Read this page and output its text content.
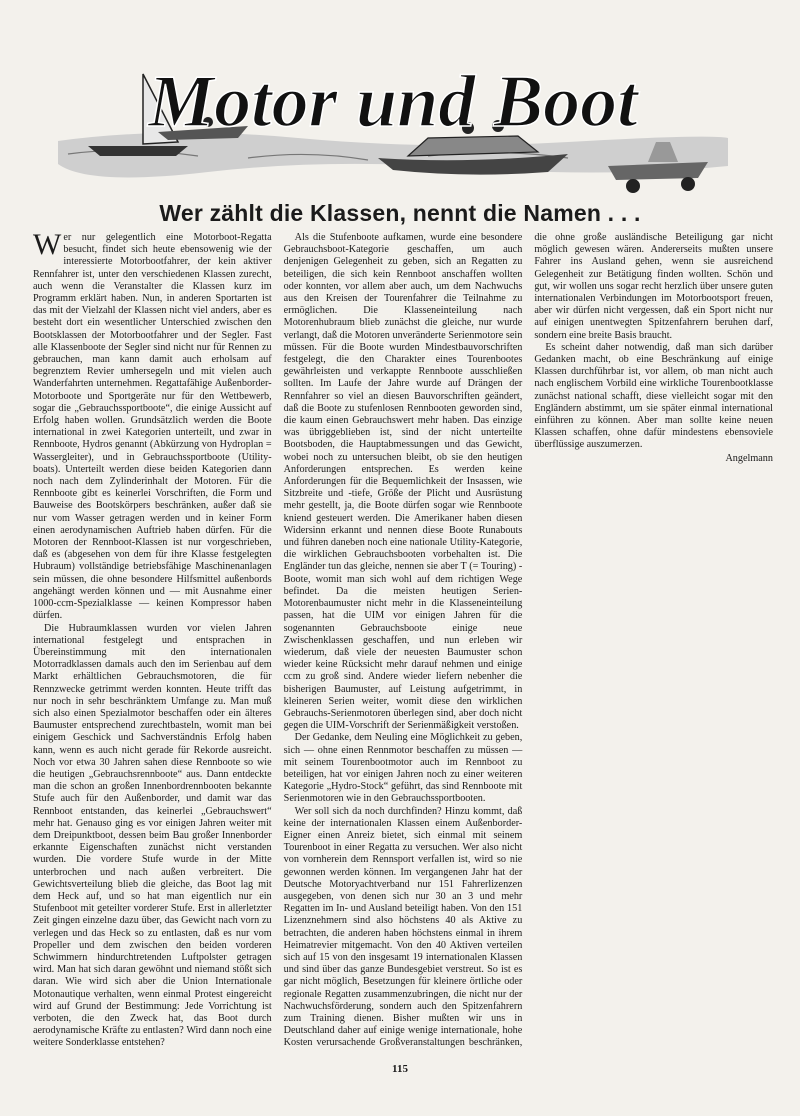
Motor und Boot
Wer zählt die Klassen, nennt die Namen . . .

Wer nur gelegentlich eine Motorboot-Regatta besucht, findet sich heute ebensowenig wie der interessierte Motorbootfahrer, der kein aktiver Rennfahrer ist, unter den verschiedenen Klassen zurecht, auch wenn die Veranstalter die Klassen kurz im Programm erklärt haben. Nun, in anderen Sportarten ist das mit der Vielzahl der Klassen nicht viel anders, aber es besteht dort ein wesentlicher Unterschied zwischen den Bootsklassen der Motorbootfahrer und der Segler. Fast alle Klassenboote der Segler sind nicht nur für Rennen zu gebrauchen, man kann damit auch erholsam auf begrenztem Revier umhersegeln und mit vielen auch Wanderfahrten unternehmen. Regattafähige Außenborder-Motorboote und Sportgeräte nur für den Wettbewerb, sogar die „Gebrauchssportboote“, die einige Aussicht auf Erfolg haben wollen. Grundsätzlich werden die Boote international in zwei Kategorien unterteilt, und zwar in Rennboote, Hydros genannt (Abkürzung von Hydroplan = Wassergleiter), und in Gebrauchssportboote (Utility-boats). Unterteilt werden diese beiden Kategorien dann noch nach dem Zylinderinhalt der Motoren. Für die Rennboote gibt es keinerlei Vorschriften, die Form und Bauweise des Bootskörpers beschränken, außer daß sie nur vom Wasser getragen werden und in keiner Form einen aerodynamischen Auftrieb haben dürfen. Für die Motoren der Rennboot-Klassen ist nur vorgeschrieben, daß es (abgesehen von dem für ihre Klasse festgelegten Hubraum) vollständige betriebsfähige Maschinenanlagen sein müssen, die ohne besondere Hilfsmittel außenbords angehängt werden können und — mit Ausnahme einer 1000-ccm-Spezialklasse — keinen Kompressor haben dürfen.

Die Hubraumklassen wurden vor vielen Jahren international festgelegt und entsprachen in Übereinstimmung mit den internationalen Motorradklassen damals auch den im Serienbau auf dem Markt erhältlichen Gebrauchsmotoren, die für Rennzwecke getrimmt werden konnten. Heute trifft das nur noch in sehr beschränktem Umfange zu. Man muß sich also einen Spezialmotor beschaffen oder ein älteres Baumuster entsprechend zurechtbasteln, womit man bei einigem Geschick und Sachverständnis Erfolg haben kann, wenn es auch nicht gerade für Rekorde ausreicht. Noch vor etwa 30 Jahren sahen diese Rennboote so wie die heutigen „Gebrauchsrennboote“ aus. Dann entdeckte man die schon an großen Innenbordrennbooten bekannte Stufe auch für den Außenborder, und damit war das Rennboot entstanden, das keinerlei „Gebrauchswert“ mehr hat. Genauso ging es vor einigen Jahren weiter mit dem Dreipunktboot, dessen beim Bau großer Innenborder erkannte Eigenschaften zunächst nicht verstanden wurden. Die vordere Stufe wurde in der Mitte unterbrochen und nach außen verbreitert. Die Gewichtsverteilung blieb die gleiche, das Boot lag mit dem Heck auf, und so hat man eigentlich nur ein Stufenboot mit geteilter vorderer Stufe. Erst in allerletzter Zeit gingen einzelne dazu über, das Gewicht nach vorn zu verlegen und das Heck so zu entlasten, daß es nur vom Propeller und dem zwischen den beiden vorderen Schwimmern hindurchtretenden Luftpolster getragen wird. Man hat sich daran gewöhnt und niemand stößt sich daran. Wie wird sich aber die Union Internationale Motonautique verhalten, wenn einmal Protest eingereicht wird auf Grund der Bestimmung: Jede Vorrichtung ist verboten, die den Zweck hat, das Boot durch aerodynamische Kräfte zu entlasten? Wird dann noch eine weitere Sonderklasse entstehen?

Als die Stufenboote aufkamen, wurde eine besondere Gebrauchsboot-Kategorie geschaffen, um auch denjenigen Gelegenheit zu geben, sich an Regatten zu beteiligen, die sich kein Rennboot anschaffen wollten oder konnten, vor allem aber auch, um dem Nachwuchs aus den Kreisen der Tourenfahrer die Teilnahme zu ermöglichen. Die Klasseneinteilung nach Motorenhubraum blieb zunächst die gleiche, nur wurde verlangt, daß die Motoren unveränderte Serienmotore sein müssen. Für die Boote wurden Mindestbauvorschriften festgelegt, die den Charakter eines Tourenbootes gewährleisten und verkappte Rennboote ausschließen sollten. Im Laufe der Jahre wurde auf Drängen der Rennfahrer so viel an diesen Bauvorschriften geändert, daß die Boote zu stufenlosen Rennbooten geworden sind, die kaum einen Gebrauchswert mehr haben. Das einzige was übriggeblieben ist, sind der nicht unterteilte Bootsboden, die Hauptabmessungen und das Gewicht, wobei noch zu untersuchen bleibt, ob sie den heutigen Anforderungen entsprechen. Es werden keine Anforderungen für die Bequemlichkeit der Insassen, wie Sitzbreite und -tiefe, Größe der Plicht und Ausrüstung mehr gestellt, ja, die Boote dürfen sogar wie Rennboote kniend gesteuert werden. Die Amerikaner haben diesen Widersinn erkannt und nennen diese Boote Runabouts und führen daneben noch eine nationale Utility-Kategorie, die wirklichen Gebrauchsbooten vorbehalten ist. Die Engländer tun das gleiche, nennen sie aber T (= Touring) -Boote, womit man sich wohl auf dem richtigen Wege befindet. Da die meisten heutigen Serien-Motorenbaumuster nicht mehr in die Klasseneinteilung passen, hat die UIM vor einigen Jahren für die sogenannten Gebrauchsboote einige neue Zwischenklassen geschaffen, und nun erleben wir wiederum, daß viele der neuesten Baumuster schon wieder keine Rücksicht mehr darauf nehmen und einige ccm zu groß sind. Andere wieder liefern nebenher die bisherigen Baumuster, auf Leistung aufgetrimmt, in kleineren Serien weiter, womit diese den wirklichen Gebrauchs-Serienmotoren überlegen sind, aber doch nicht gegen die UIM-Vorschrift der Serienmäßigkeit verstoßen.

Der Gedanke, dem Neuling eine Möglichkeit zu geben, sich — ohne einen Rennmotor beschaffen zu müssen — mit seinem Tourenbootmotor auch im Rennboot zu beteiligen, hat vor einigen Jahren noch zu einer weiteren Kategorie „Hydro-Stock“ geführt, das sind Rennboote mit Serienmotoren wie in den Gebrauchssportbooten.

Wer soll sich da noch durchfinden? Hinzu kommt, daß keine der internationalen Klassen einem Außenborder-Eigner einen Anreiz bietet, sich einmal mit seinem Tourenboot in einer Regatta zu versuchen. Wer also nicht von vornherein dem Rennsport verfallen ist, wird so nie gewonnen werden können. Im vergangenen Jahr hat der Deutsche Motoryachtverband nur 151 Fahrerlizenzen ausgegeben, von denen sich nur 30 an 3 und mehr Regatten im In- und Ausland beteiligt haben. Von den 151 Lizenznehmern sind also höchstens 40 als Aktive zu betrachten, die anderen haben höchstens einmal in ihrem Heimatrevier mitgemacht. Von den 40 Aktiven verteilen sich auf 15 von den insgesamt 19 internationalen Klassen und sind über das ganze Bundesgebiet verstreut. So ist es gar nicht möglich, Besetzungen für kleinere örtliche oder regionale Regatten zusammenzubringen, die nicht nur der Nachwuchsförderung, sondern auch den Spitzenfahrern zum Training dienen. Bisher mußten wir uns in Deutschland daher auf einige wenige internationale, hohe Kosten verursachende Großveranstaltungen beschränken, die ohne große ausländische Beteiligung gar nicht möglich gewesen wären. Andererseits mußten unsere Fahrer ins Ausland gehen, wenn sie ausreichend Gelegenheit zur Betätigung finden wollten. Schön und gut, wir wollen uns sogar recht herzlich über unsere guten internationalen Verbindungen im Motorbootsport freuen, aber wir dürfen nicht vergessen, daß ein Sport nicht nur auf einigen unentwegten Spitzenfahrern beruhen darf, sondern eine breite Basis braucht.

Es scheint daher notwendig, daß man sich darüber Gedanken macht, ob eine Beschränkung auf einige Klassen durchführbar ist, vor allem, ob man nicht auch nach englischem Vorbild eine wirkliche Tourenbootklasse zunächst national schafft, diese vielleicht sogar mit den Engländern abstimmt, um sie später einmal international einführen zu können. Aber man sollte keine neuen Klassen schaffen, ohne dafür mindestens ebensoviele überflüssige auszumerzen.

Angelmann
115
